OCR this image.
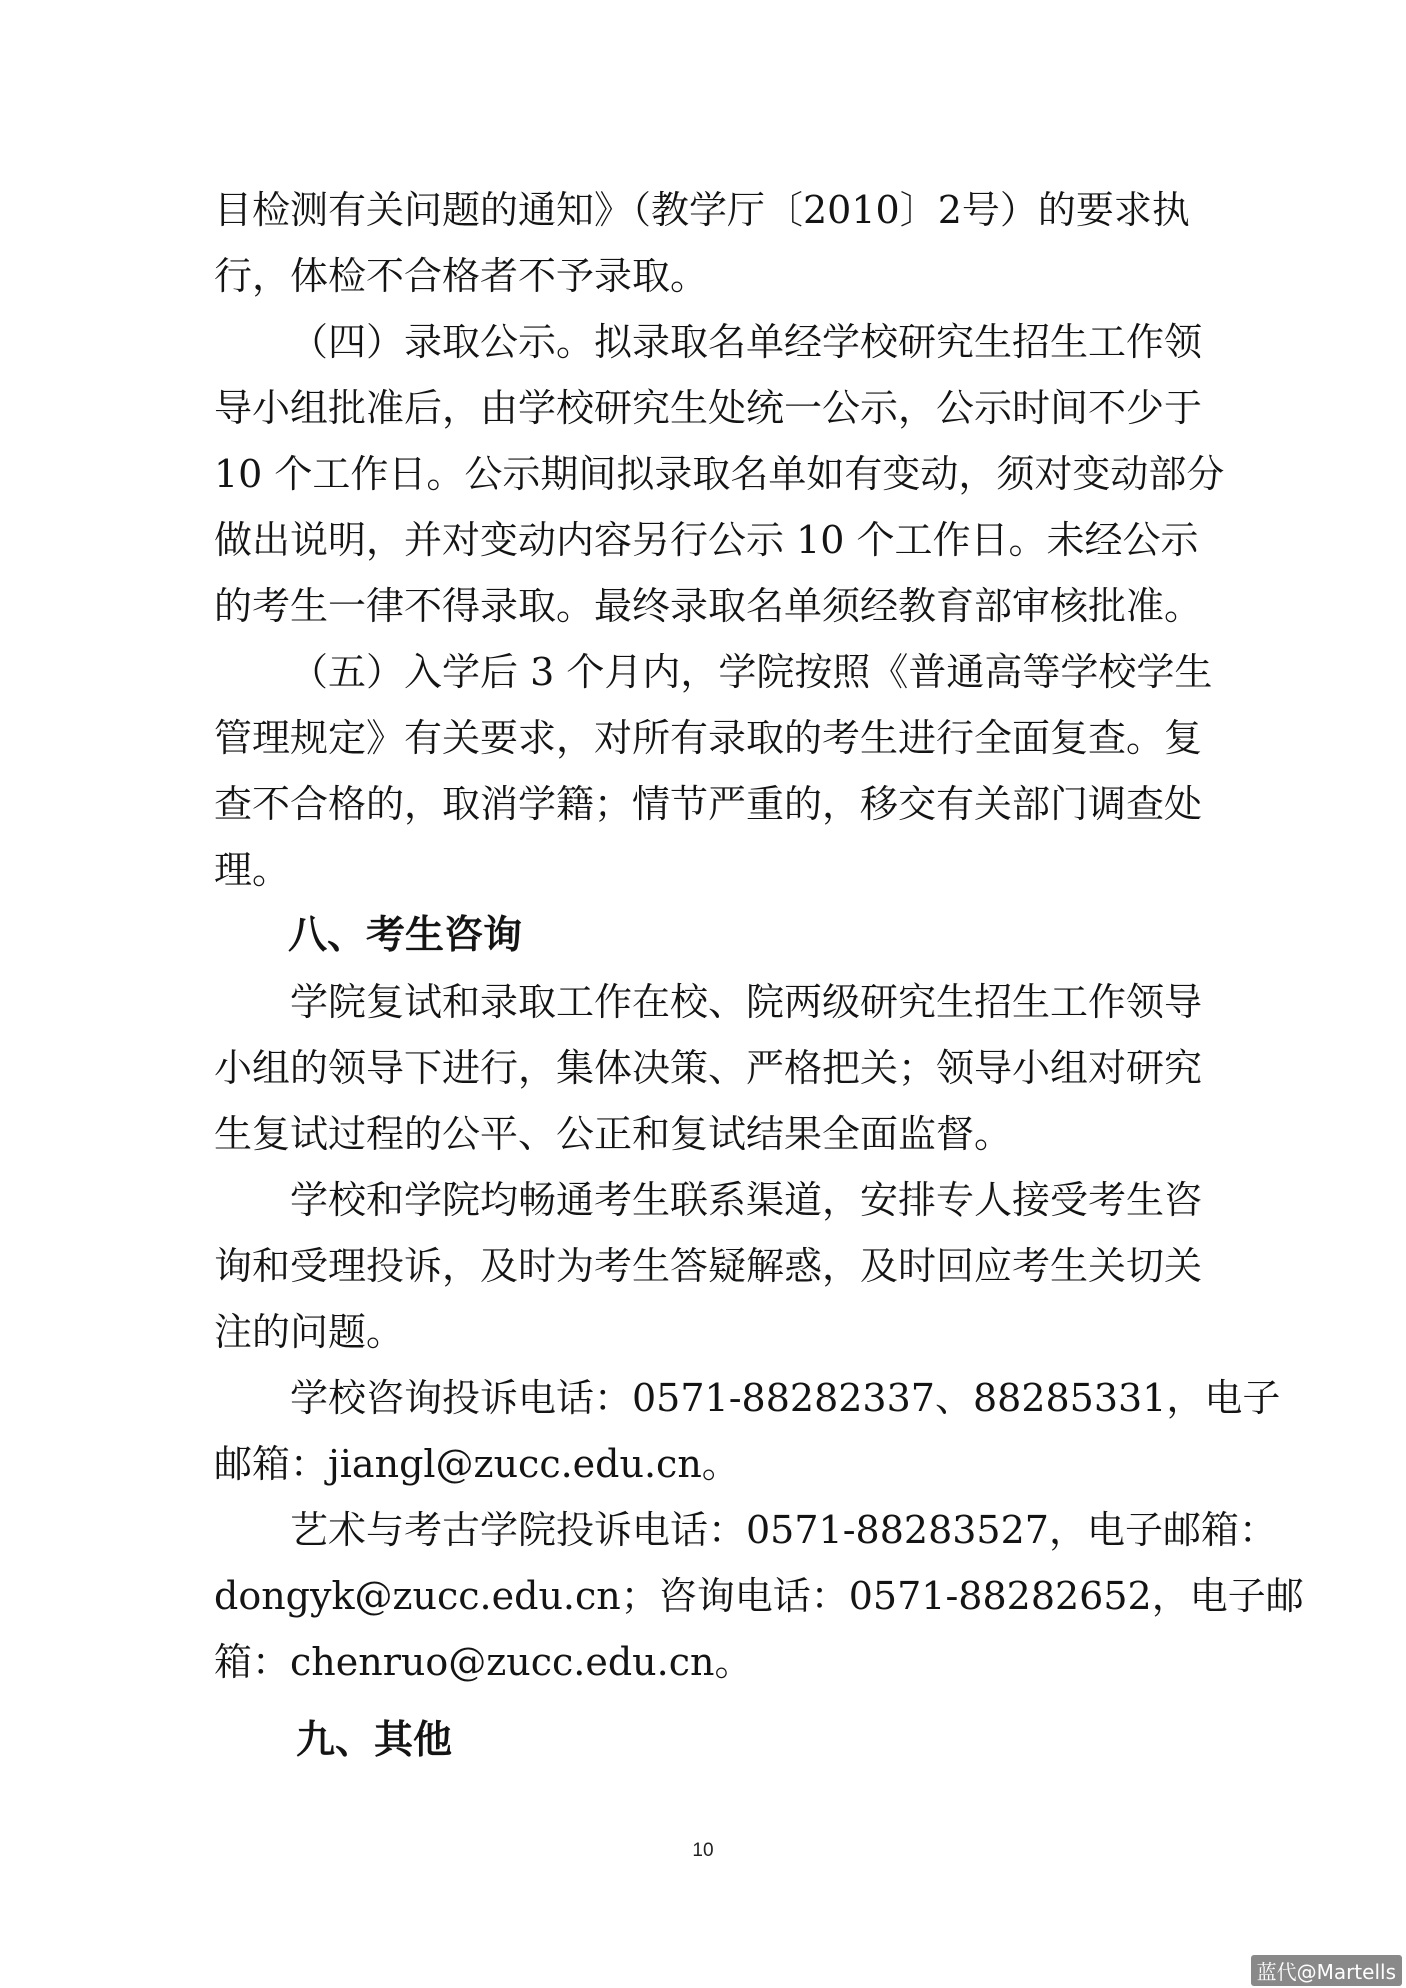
目检测有关问题的通知》（教学厅〔2010〕2号）的要求执
行，体检不合格者不予录取。
（四）录取公示。拟录取名单经学校研究生招生工作领
导小组批准后，由学校研究生处统一公示，公示时间不少于
10 个工作日。公示期间拟录取名单如有变动，须对变动部分
做出说明，并对变动内容另行公示 10 个工作日。未经公示
的考生一律不得录取。最终录取名单须经教育部审核批准。
（五）入学后 3 个月内，学院按照《普通高等学校学生
管理规定》有关要求，对所有录取的考生进行全面复查。复
查不合格的，取消学籍；情节严重的，移交有关部门调查处
理。
八、考生咨询
学院复试和录取工作在校、院两级研究生招生工作领导
小组的领导下进行，集体决策、严格把关；领导小组对研究
生复试过程的公平、公正和复试结果全面监督。
学校和学院均畅通考生联系渠道，安排专人接受考生咨
询和受理投诉，及时为考生答疑解惑，及时回应考生关切关
注的问题。
学校咨询投诉电话：0571-88282337、88285331，电子
邮箱：jiangl@zucc.edu.cn。
艺术与考古学院投诉电话：0571-88283527，电子邮箱：
dongyk@zucc.edu.cn；咨询电话：0571-88282652，电子邮
箱：chenruo@zucc.edu.cn。
九、其他
10
蓝代@Martells
